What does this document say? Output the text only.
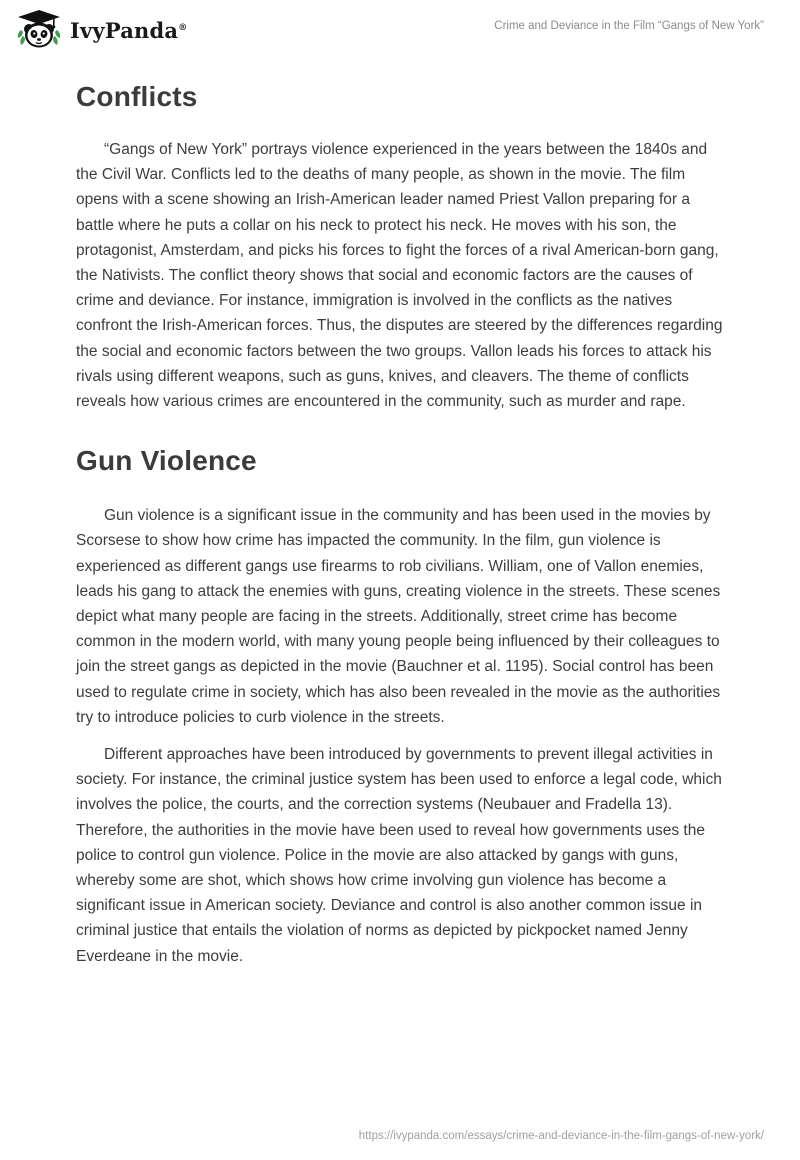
IvyPanda®	Crime and Deviance in the Film “Gangs of New York”
Conflicts

“Gangs of New York” portrays violence experienced in the years between the 1840s and the Civil War. Conflicts led to the deaths of many people, as shown in the movie. The film opens with a scene showing an Irish-American leader named Priest Vallon preparing for a battle where he puts a collar on his neck to protect his neck. He moves with his son, the protagonist, Amsterdam, and picks his forces to fight the forces of a rival American-born gang, the Nativists. The conflict theory shows that social and economic factors are the causes of crime and deviance. For instance, immigration is involved in the conflicts as the natives confront the Irish-American forces. Thus, the disputes are steered by the differences regarding the social and economic factors between the two groups. Vallon leads his forces to attack his rivals using different weapons, such as guns, knives, and cleavers. The theme of conflicts reveals how various crimes are encountered in the community, such as murder and rape.

Gun Violence

Gun violence is a significant issue in the community and has been used in the movies by Scorsese to show how crime has impacted the community. In the film, gun violence is experienced as different gangs use firearms to rob civilians. William, one of Vallon enemies, leads his gang to attack the enemies with guns, creating violence in the streets. These scenes depict what many people are facing in the streets. Additionally, street crime has become common in the modern world, with many young people being influenced by their colleagues to join the street gangs as depicted in the movie (Bauchner et al. 1195). Social control has been used to regulate crime in society, which has also been revealed in the movie as the authorities try to introduce policies to curb violence in the streets.

Different approaches have been introduced by governments to prevent illegal activities in society. For instance, the criminal justice system has been used to enforce a legal code, which involves the police, the courts, and the correction systems (Neubauer and Fradella 13). Therefore, the authorities in the movie have been used to reveal how governments uses the police to control gun violence. Police in the movie are also attacked by gangs with guns, whereby some are shot, which shows how crime involving gun violence has become a significant issue in American society. Deviance and control is also another common issue in criminal justice that entails the violation of norms as depicted by pickpocket named Jenny Everdeane in the movie.

https://ivypanda.com/essays/crime-and-deviance-in-the-film-gangs-of-new-york/
